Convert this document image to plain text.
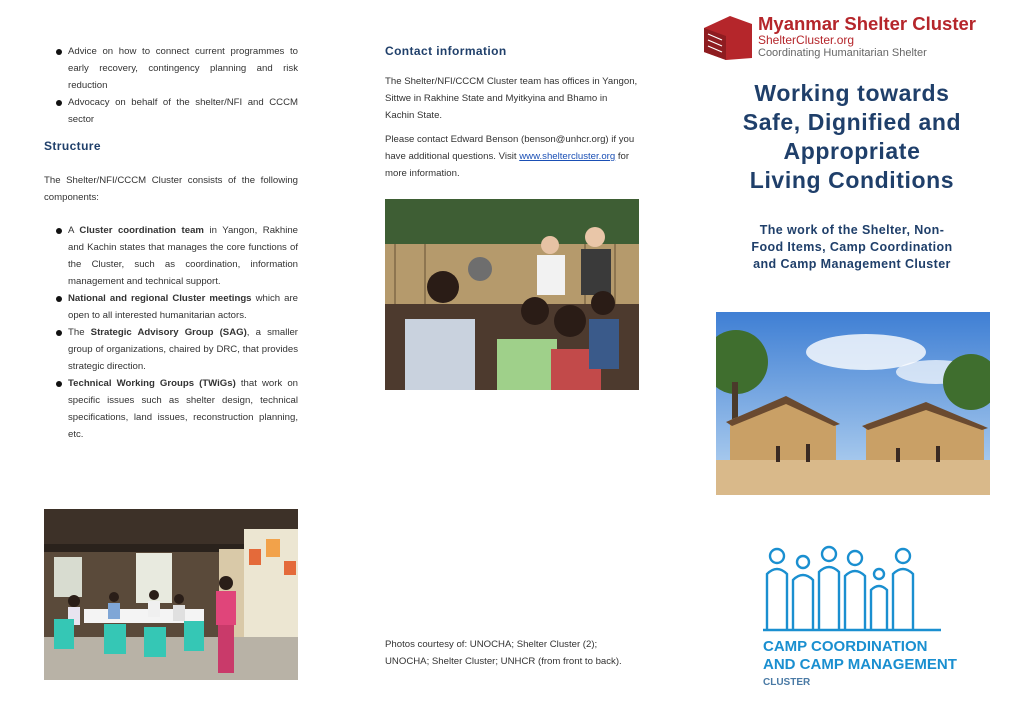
Advice on how to connect current programmes to early recovery, contingency planning and risk reduction
Advocacy on behalf of the shelter/NFI and CCCM sector
Structure
The Shelter/NFI/CCCM Cluster consists of the following components:
A Cluster coordination team in Yangon, Rakhine and Kachin states that manages the core functions of the Cluster, such as coordination, information management and technical support.
National and regional Cluster meetings which are open to all interested humanitarian actors.
The Strategic Advisory Group (SAG), a smaller group of organizations, chaired by DRC, that provides strategic direction.
Technical Working Groups (TWiGs) that work on specific issues such as shelter design, technical specifications, land issues, reconstruction planning, etc.
Contact information
The Shelter/NFI/CCCM Cluster team has offices in Yangon, Sittwe in Rakhine State and Myitkyina and Bhamo in Kachin State.
Please contact Edward Benson (benson@unhcr.org) if you have additional questions. Visit www.sheltercluster.org for more information.
Photos courtesy of: UNOCHA; Shelter Cluster (2); UNOCHA; Shelter Cluster; UNHCR (from front to back).
Myanmar Shelter Cluster
ShelterCluster.org
Coordinating Humanitarian Shelter
Working towards
Safe, Dignified and
Appropriate
Living Conditions
The work of the Shelter, Non-
Food Items, Camp Coordination
and Camp Management Cluster
CAMP COORDINATION
AND CAMP MANAGEMENT
CLUSTER
